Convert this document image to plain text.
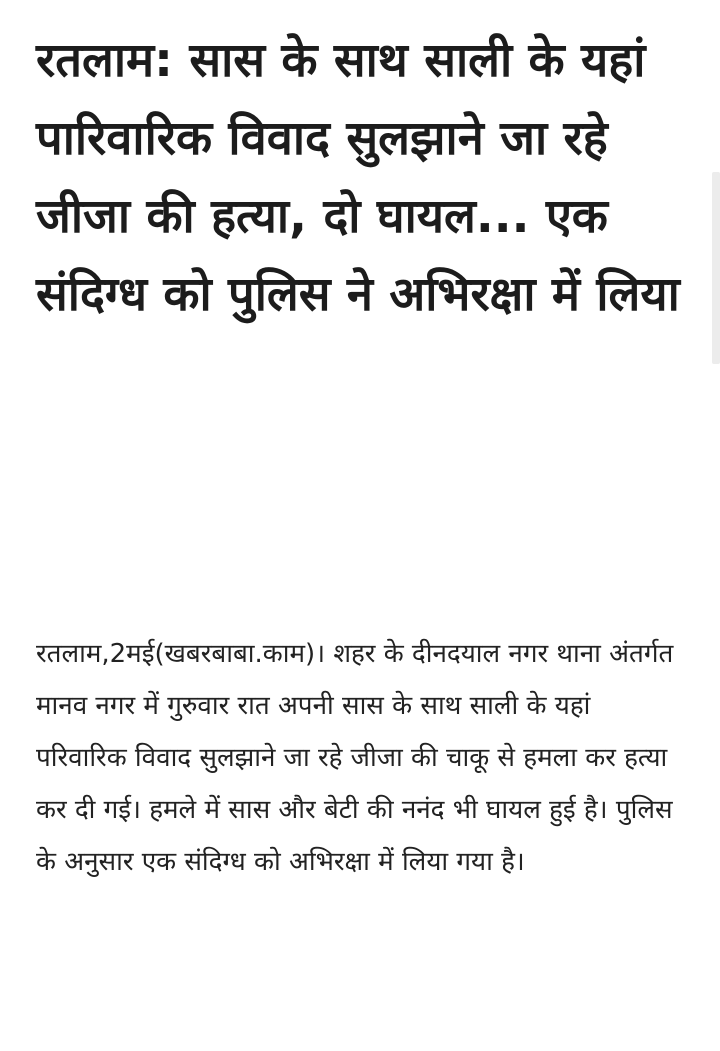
रतलाम: सास के साथ साली के यहां पारिवारिक विवाद सुलझाने जा रहे जीजा की हत्या, दो घायल... एक संदिग्ध को पुलिस ने अभिरक्षा में लिया

रतलाम,2मई(खबरबाबा.काम)। शहर के दीनदयाल नगर थाना अंतर्गत मानव नगर में गुरुवार रात अपनी सास के साथ साली के यहां परिवारिक विवाद सुलझाने जा रहे जीजा की चाकू से हमला कर हत्या कर दी गई। हमले में सास और बेटी की ननंद भी घायल हुई है। पुलिस के अनुसार एक संदिग्ध को अभिरक्षा में लिया गया है।
